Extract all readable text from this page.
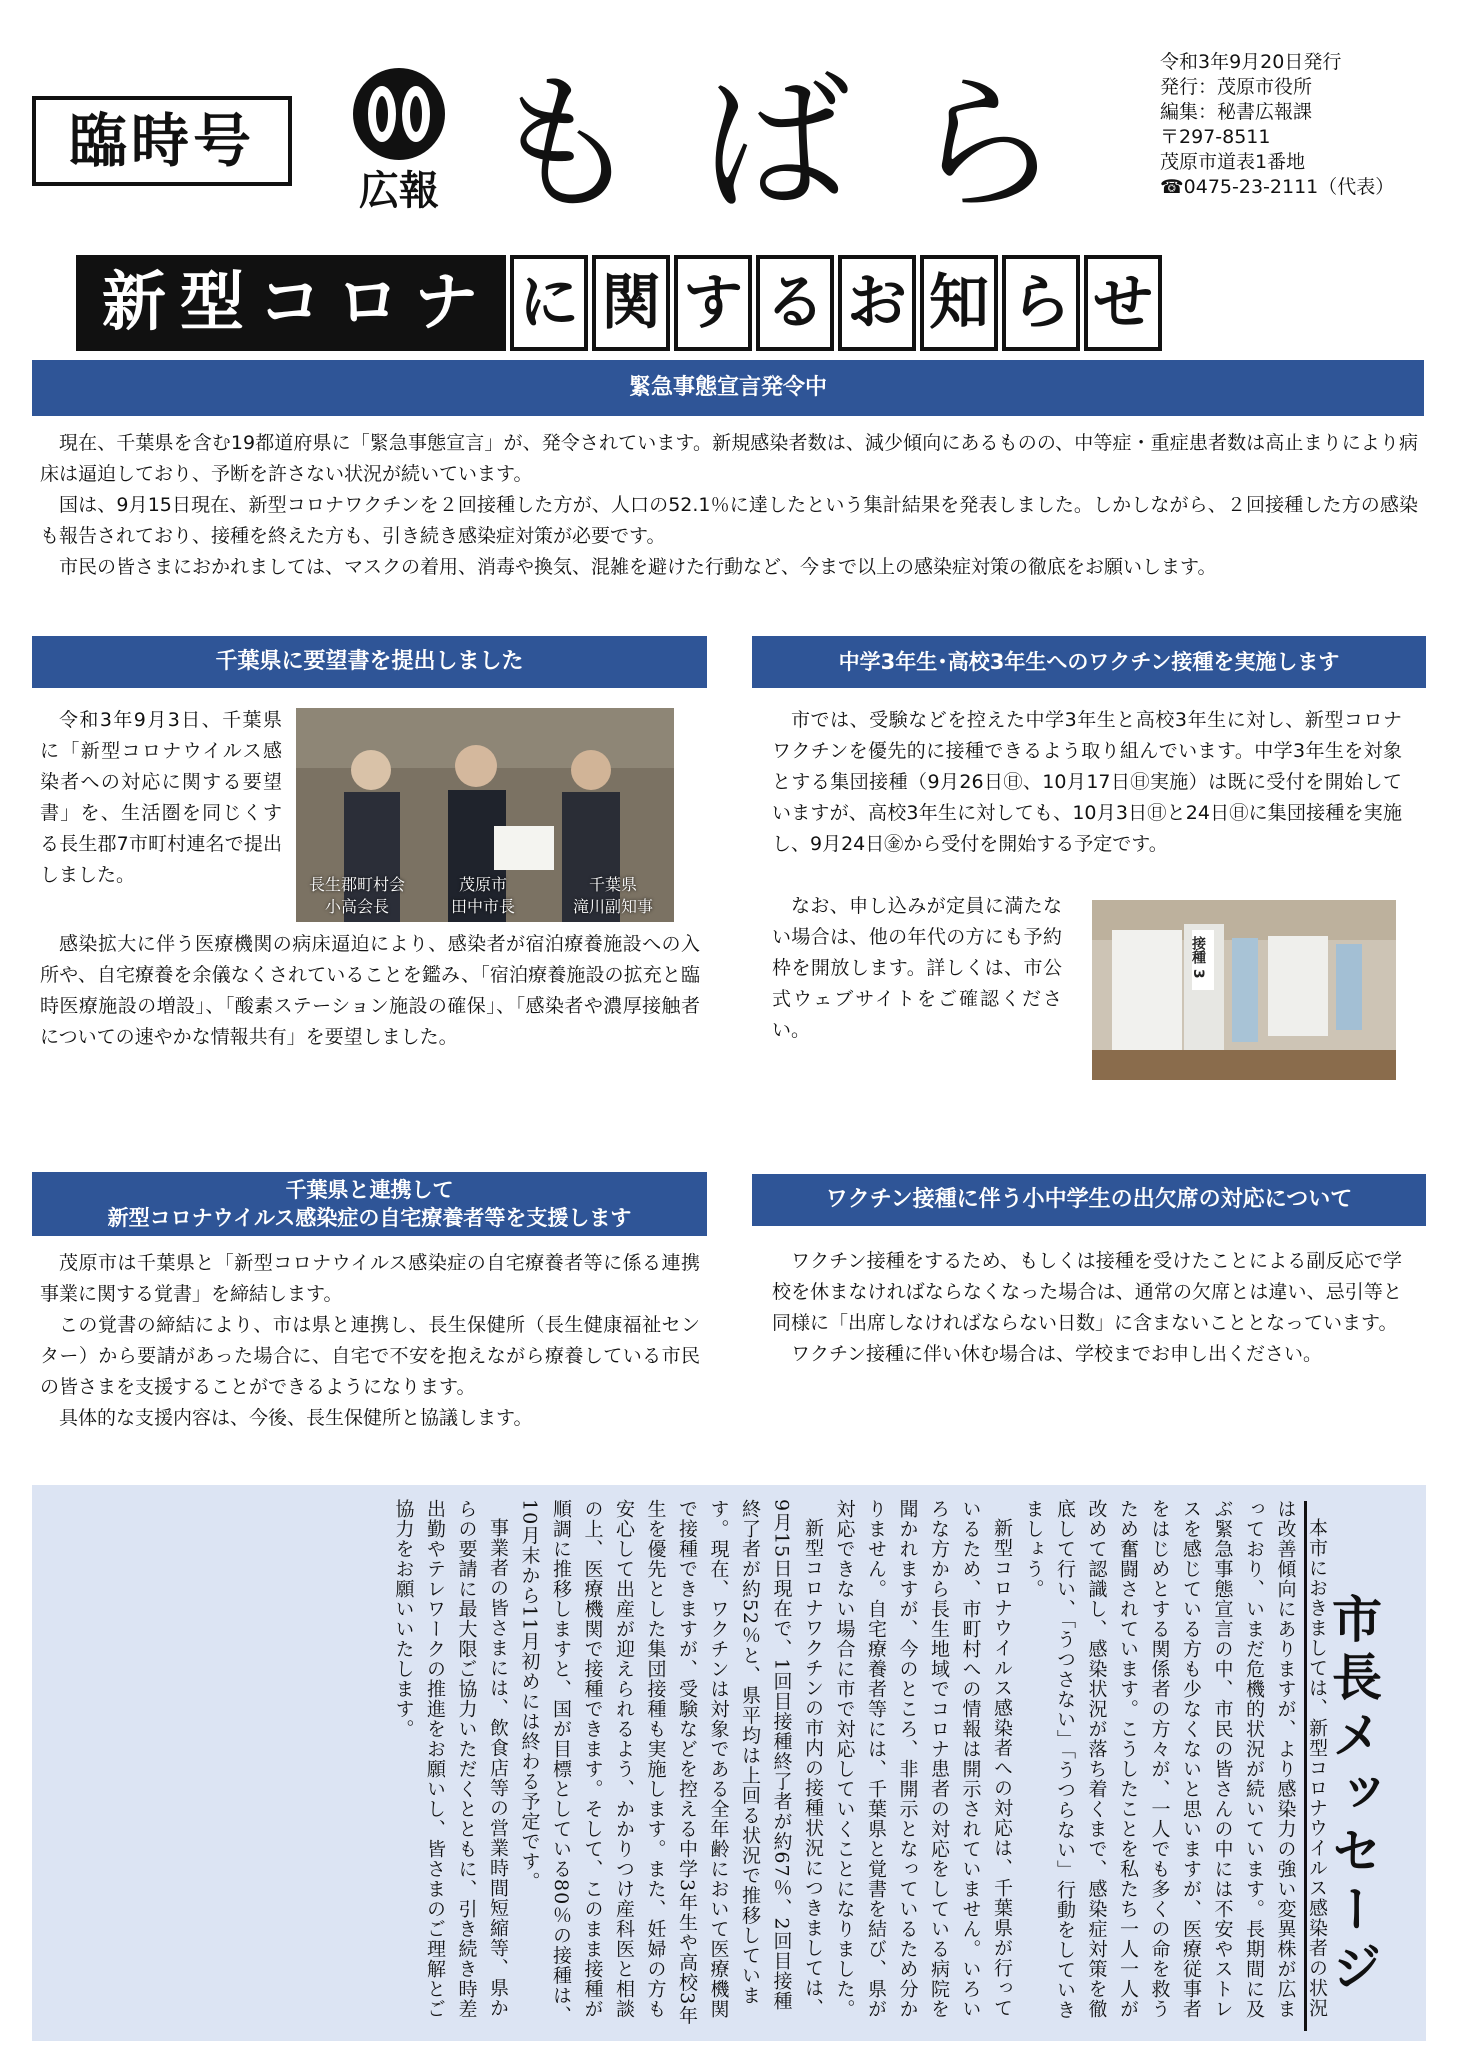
臨時号
広報 もばら 令和3年9月20日発行
発行：茂原市役所
編集：秘書広報課
〒297-8511
茂原市道表1番地
☎0475-23-2111（代表）
新型コロナ に 関 す る お 知 ら せ
緊急事態宣言発令中

現在、千葉県を含む19都道府県に「緊急事態宣言」が、発令されています。新規感染者数は、減少傾向にあるものの、中等症・重症患者数は高止まりにより病床は逼迫しており、予断を許さない状況が続いています。

国は、9月15日現在、新型コロナワクチンを２回接種した方が、人口の52.1％に達したという集計結果を発表しました。しかしながら、２回接種した方の感染も報告されており、接種を終えた方も、引き続き感染症対策が必要です。

市民の皆さまにおかれましては、マスクの着用、消毒や換気、混雑を避けた行動など、今まで以上の感染症対策の徹底をお願いします。

千葉県に要望書を提出しました

令和3年9月3日、千葉県に「新型コロナウイルス感染者への対応に関する要望書」を、生活圏を同じくする長生郡7市町村連名で提出しました。	長生郡町村会
小高会長
茂原市
田中市長
千葉県
滝川副知事

感染拡大に伴う医療機関の病床逼迫により、感染者が宿泊療養施設への入所や、自宅療養を余儀なくされていることを鑑み、「宿泊療養施設の拡充と臨時医療施設の増設」、「酸素ステーション施設の確保」、「感染者や濃厚接触者についての速やかな情報共有」を要望しました。

中学3年生･高校3年生へのワクチン接種を実施します

市では、受験などを控えた中学3年生と高校3年生に対し、新型コロナワクチンを優先的に接種できるよう取り組んでいます。中学3年生を対象とする集団接種（9月26日㊐、10月17日㊐実施）は既に受付を開始していますが、高校3年生に対しても、10月3日㊐と24日㊐に集団接種を実施し、9月24日㊎から受付を開始する予定です。

なお、申し込みが定員に満たない場合は、他の年代の方にも予約枠を開放します。詳しくは、市公式ウェブサイトをご確認ください。

接種 3
千葉県と連携して
新型コロナウイルス感染症の自宅療養者等を支援します

茂原市は千葉県と「新型コロナウイルス感染症の自宅療養者等に係る連携事業に関する覚書」を締結します。

この覚書の締結により、市は県と連携し、長生保健所（長生健康福祉センター）から要請があった場合に、自宅で不安を抱えながら療養している市民の皆さまを支援することができるようになります。

具体的な支援内容は、今後、長生保健所と協議します。

ワクチン接種に伴う小中学生の出欠席の対応について

ワクチン接種をするため、もしくは接種を受けたことによる副反応で学校を休まなければならなくなった場合は、通常の欠席とは違い、忌引等と同様に「出席しなければならない日数」に含まないこととなっています。

ワクチン接種に伴い休む場合は、学校までお申し出ください。

市長メッセージ

本市におきましては、新型コロナウイルス感染者の状況は改善傾向にありますが、より感染力の強い変異株が広まっており、いまだ危機的状況が続いています。長期間に及ぶ緊急事態宣言の中、市民の皆さんの中には不安やストレスを感じている方も少なくないと思いますが、医療従事者をはじめとする関係者の方々が、一人でも多くの命を救うため奮闘されています。こうしたことを私たち一人一人が改めて認識し、感染状況が落ち着くまで、感染症対策を徹底して行い、「うつさない」「うつらない」行動をしていきましょう。

新型コロナウイルス感染者への対応は、千葉県が行っているため、市町村への情報は開示されていません。いろいろな方から長生地域でコロナ患者の対応をしている病院を聞かれますが、今のところ、非開示となっているため分かりません。自宅療養者等には、千葉県と覚書を結び、県が対応できない場合に市で対応していくことになりました。

新型コロナワクチンの市内の接種状況につきましては、9月15日現在で、1回目接種終了者が約67％、2回目接種終了者が約52％と、県平均は上回る状況で推移しています。現在、ワクチンは対象である全年齢において医療機関で接種できますが、受験などを控える中学3年生や高校3年生を優先とした集団接種も実施します。また、妊婦の方も安心して出産が迎えられるよう、かかりつけ産科医と相談の上、医療機関で接種できます。そして、このまま接種が順調に推移しますと、国が目標としている80％の接種は、10月末から11月初めには終わる予定です。

事業者の皆さまには、飲食店等の営業時間短縮等、県からの要請に最大限ご協力いただくとともに、引き続き時差出勤やテレワークの推進をお願いし、皆さまのご理解とご協力をお願いいたします。
